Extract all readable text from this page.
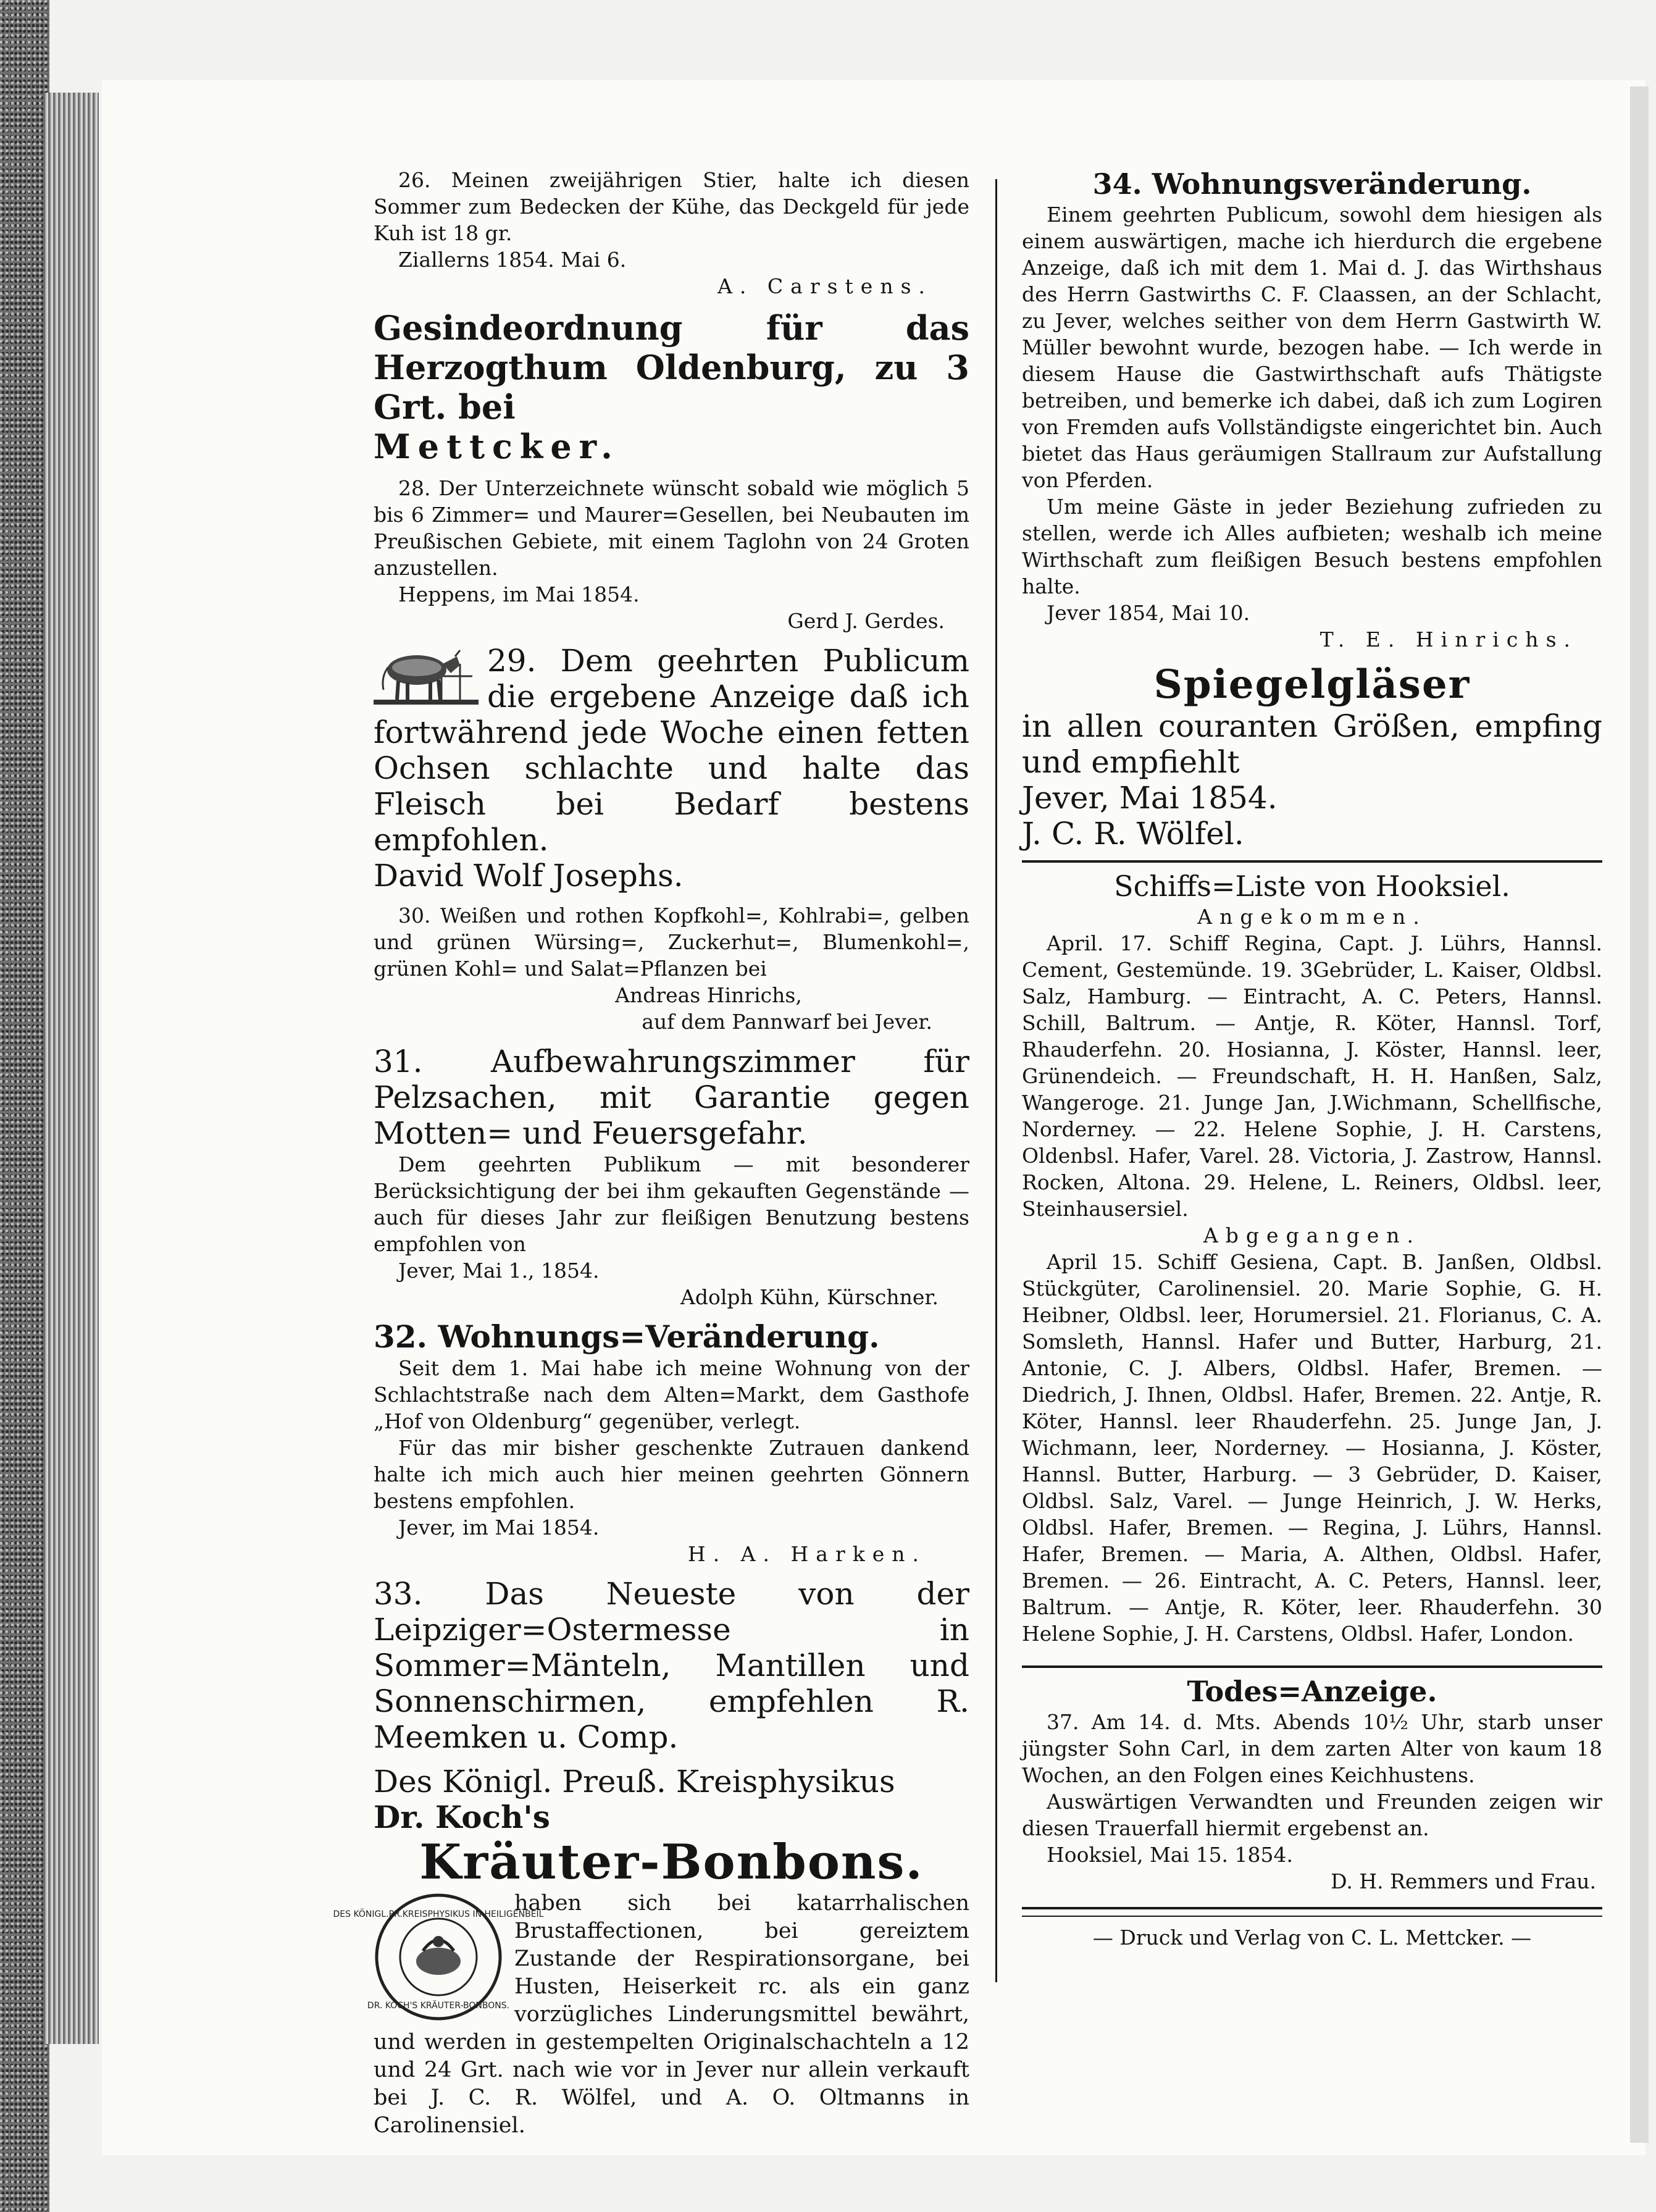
26. Meinen zweijährigen Stier, halte ich diesen Sommer zum Bedecken der Kühe, das Deckgeld für jede Kuh ist 18 gr.

Ziallerns 1854. Mai 6.

A. Carstens.

Gesindeordnung für das Herzogthum Oldenburg, zu 3 Grt. bei

Mettcker.

28. Der Unterzeichnete wünscht sobald wie möglich 5 bis 6 Zimmer= und Maurer=Gesellen, bei Neubauten im Preußischen Gebiete, mit einem Taglohn von 24 Groten anzustellen.

Heppens, im Mai 1854.

Gerd J. Gerdes.

29. Dem geehrten Publicum die ergebene Anzeige daß ich fortwährend jede Woche einen fetten Ochsen schlachte und halte das Fleisch bei Bedarf bestens empfohlen.

David Wolf Josephs.

30. Weißen und rothen Kopfkohl=, Kohlrabi=, gelben und grünen Würsing=, Zuckerhut=, Blumenkohl=, grünen Kohl= und Salat=Pflanzen bei

Andreas Hinrichs,

auf dem Pannwarf bei Jever.

31. Aufbewahrungszimmer für Pelzsachen, mit Garantie gegen Motten= und Feuersgefahr.

Dem geehrten Publikum — mit besonderer Berücksichtigung der bei ihm gekauften Gegenstände — auch für dieses Jahr zur fleißigen Benutzung bestens empfohlen von

Jever, Mai 1., 1854.

Adolph Kühn, Kürschner.

32. Wohnungs=Veränderung.

Seit dem 1. Mai habe ich meine Wohnung von der Schlachtstraße nach dem Alten=Markt, dem Gasthofe „Hof von Oldenburg“ gegenüber, verlegt.

Für das mir bisher geschenkte Zutrauen dankend halte ich mich auch hier meinen geehrten Gönnern bestens empfohlen.

Jever, im Mai 1854.

H. A. Harken.

33. Das Neueste von der Leipziger=Ostermesse in Sommer=Mänteln, Mantillen und Sonnenschirmen, empfehlen R. Meemken u. Comp.

Des Königl. Preuß. Kreisphysikus

Dr. Koch's

Kräuter-Bonbons.

DES KÖNIGL.PR.KREISPHYSIKUS IN HEILIGENBEIL
DR. KOCH'S KRÄUTER-BONBONS.

haben sich bei katarrhalischen Brustaffectionen, bei gereiztem Zustande der Respirationsorgane, bei Husten, Heiserkeit rc. als ein ganz vorzügliches Linderungsmittel bewährt, und werden in gestempelten Originalschachteln a 12 und 24 Grt. nach wie vor in Jever nur allein verkauft bei J. C. R. Wölfel, und A. O. Oltmanns in Carolinensiel.

34. Wohnungsveränderung.

Einem geehrten Publicum, sowohl dem hiesigen als einem auswärtigen, mache ich hierdurch die ergebene Anzeige, daß ich mit dem 1. Mai d. J. das Wirthshaus des Herrn Gastwirths C. F. Claassen, an der Schlacht, zu Jever, welches seither von dem Herrn Gastwirth W. Müller bewohnt wurde, bezogen habe. — Ich werde in diesem Hause die Gastwirthschaft aufs Thätigste betreiben, und bemerke ich dabei, daß ich zum Logiren von Fremden aufs Vollständigste eingerichtet bin. Auch bietet das Haus geräumigen Stallraum zur Aufstallung von Pferden.

Um meine Gäste in jeder Beziehung zufrieden zu stellen, werde ich Alles aufbieten; weshalb ich meine Wirthschaft zum fleißigen Besuch bestens empfohlen halte.

Jever 1854, Mai 10.

T. E. Hinrichs.

Spiegelgläser

in allen couranten Größen, empfing und empfiehlt

Jever, Mai 1854.

J. C. R. Wölfel.

Schiffs=Liste von Hooksiel.

Angekommen.

April. 17. Schiff Regina, Capt. J. Lührs, Hannsl. Cement, Gestemünde. 19. 3Gebrüder, L. Kaiser, Oldbsl. Salz, Hamburg. — Eintracht, A. C. Peters, Hannsl. Schill, Baltrum. — Antje, R. Köter, Hannsl. Torf, Rhauderfehn. 20. Hosianna, J. Köster, Hannsl. leer, Grünendeich. — Freundschaft, H. H. Hanßen, Salz, Wangeroge. 21. Junge Jan, J.Wichmann, Schellfische, Norderney. — 22. Helene Sophie, J. H. Carstens, Oldenbsl. Hafer, Varel. 28. Victoria, J. Zastrow, Hannsl. Rocken, Altona. 29. Helene, L. Reiners, Oldbsl. leer, Steinhausersiel.

Abgegangen.

April 15. Schiff Gesiena, Capt. B. Janßen, Oldbsl. Stückgüter, Carolinensiel. 20. Marie Sophie, G. H. Heibner, Oldbsl. leer, Horumersiel. 21. Florianus, C. A. Somsleth, Hannsl. Hafer und Butter, Harburg, 21. Antonie, C. J. Albers, Oldbsl. Hafer, Bremen. — Diedrich, J. Ihnen, Oldbsl. Hafer, Bremen. 22. Antje, R. Köter, Hannsl. leer Rhauderfehn. 25. Junge Jan, J. Wichmann, leer, Norderney. — Hosianna, J. Köster, Hannsl. Butter, Harburg. — 3 Gebrüder, D. Kaiser, Oldbsl. Salz, Varel. — Junge Heinrich, J. W. Herks, Oldbsl. Hafer, Bremen. — Regina, J. Lührs, Hannsl. Hafer, Bremen. — Maria, A. Althen, Oldbsl. Hafer, Bremen. — 26. Eintracht, A. C. Peters, Hannsl. leer, Baltrum. — Antje, R. Köter, leer. Rhauderfehn. 30 Helene Sophie, J. H. Carstens, Oldbsl. Hafer, London.

Todes=Anzeige.

37. Am 14. d. Mts. Abends 10½ Uhr, starb unser jüngster Sohn Carl, in dem zarten Alter von kaum 18 Wochen, an den Folgen eines Keichhustens.

Auswärtigen Verwandten und Freunden zeigen wir diesen Trauerfall hiermit ergebenst an.

Hooksiel, Mai 15. 1854.

D. H. Remmers und Frau.

— Druck und Verlag von C. L. Mettcker. —
